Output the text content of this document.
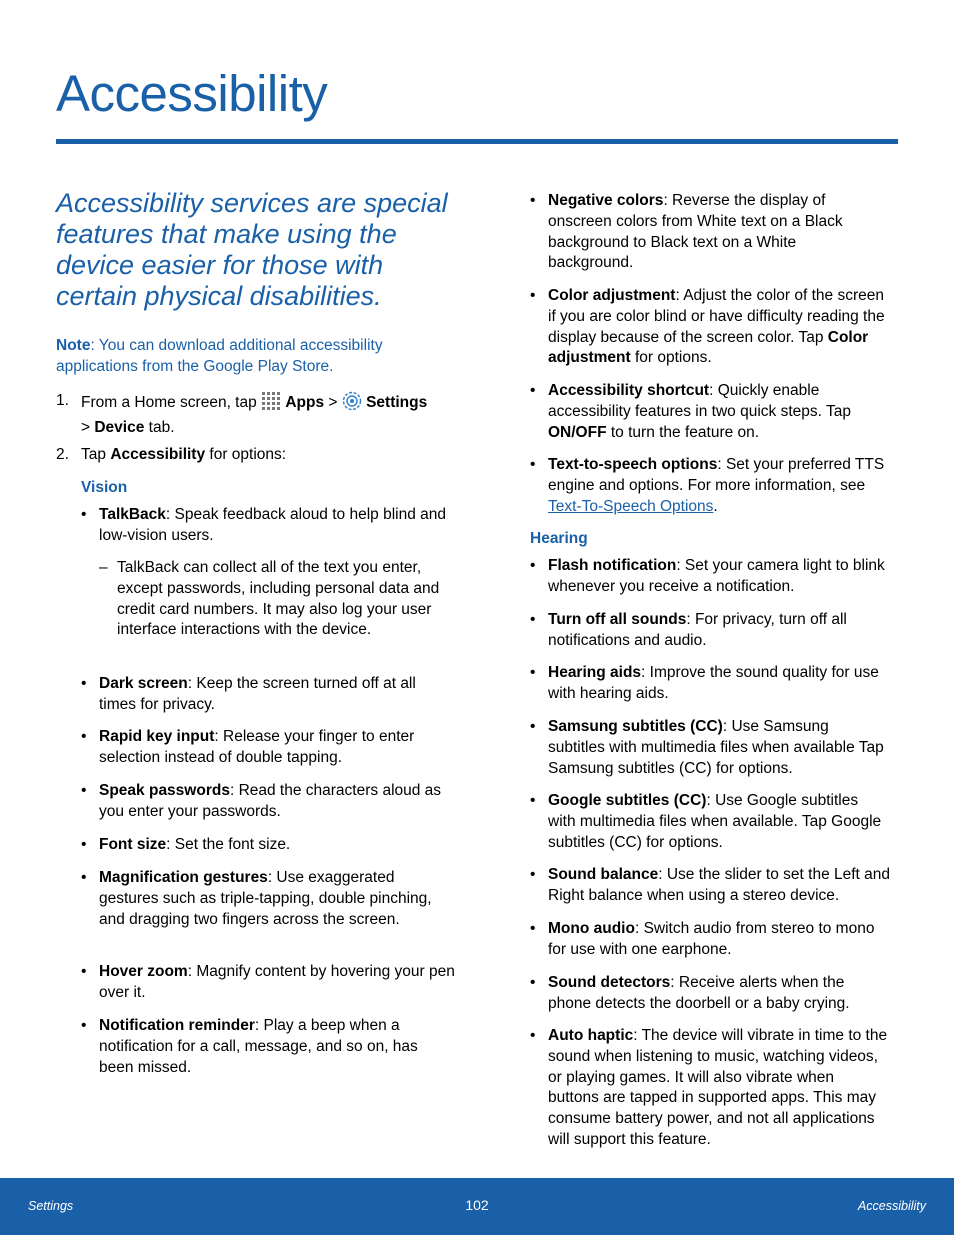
Accessibility

Accessibility services are special features that make using the device easier for those with certain physical disabilities.

Note: You can download additional accessibility applications from the Google Play Store.

1. From a Home screen, tap  Apps >  Settings
> Device tab.
2. Tap Accessibility for options:

Vision

• TalkBack: Speak feedback aloud to help blind and low-vision users.
– TalkBack can collect all of the text you enter, except passwords, including personal data and credit card numbers. It may also log your user interface interactions with the device.
• Dark screen: Keep the screen turned off at all times for privacy.
• Rapid key input: Release your finger to enter selection instead of double tapping.
• Speak passwords: Read the characters aloud as you enter your passwords.
• Font size: Set the font size.
• Magnification gestures: Use exaggerated gestures such as triple-tapping, double pinching, and dragging two fingers across the screen.
• Hover zoom: Magnify content by hovering your pen over it.
• Notification reminder: Play a beep when a notification for a call, message, and so on, has been missed.
• Negative colors: Reverse the display of onscreen colors from White text on a Black background to Black text on a White background.
• Color adjustment: Adjust the color of the screen if you are color blind or have difficulty reading the display because of the screen color. Tap Color adjustment for options.
• Accessibility shortcut: Quickly enable accessibility features in two quick steps. Tap ON/OFF to turn the feature on.
• Text-to-speech options: Set your preferred TTS engine and options. For more information, see Text-To-Speech Options.

Hearing

• Flash notification: Set your camera light to blink whenever you receive a notification.
• Turn off all sounds: For privacy, turn off all notifications and audio.
• Hearing aids: Improve the sound quality for use with hearing aids.
• Samsung subtitles (CC): Use Samsung subtitles with multimedia files when available Tap Samsung subtitles (CC) for options.
• Google subtitles (CC): Use Google subtitles with multimedia files when available. Tap Google subtitles (CC) for options.
• Sound balance: Use the slider to set the Left and Right balance when using a stereo device.
• Mono audio: Switch audio from stereo to mono for use with one earphone.
• Sound detectors: Receive alerts when the phone detects the doorbell or a baby crying.
• Auto haptic: The device will vibrate in time to the sound when listening to music, watching videos, or playing games. It will also vibrate when buttons are tapped in supported apps. This may consume battery power, and not all applications will support this feature.
Settings	102	Accessibility
